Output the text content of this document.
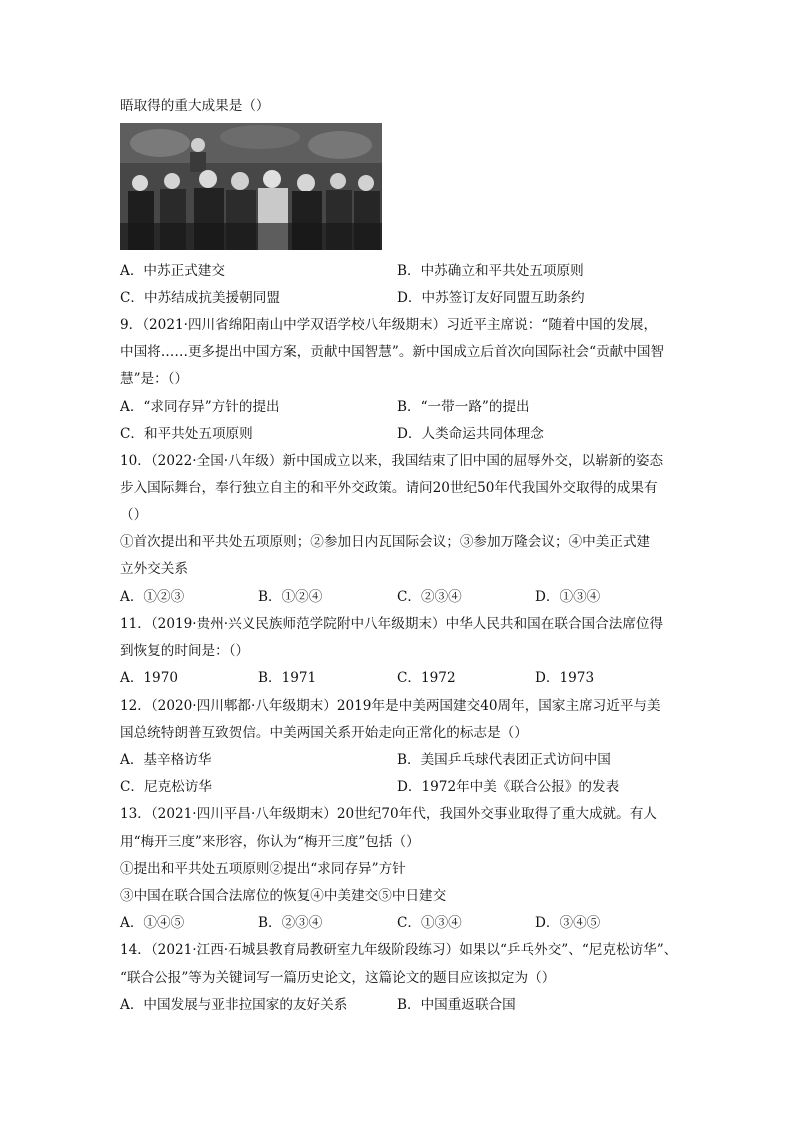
晤取得的重大成果是（）
A．中苏正式建交	B．中苏确立和平共处五项原则
C．中苏结成抗美援朝同盟	D．中苏签订友好同盟互助条约
9．（2021·四川省绵阳南山中学双语学校八年级期末）习近平主席说：“随着中国的发展，
中国将……更多提出中国方案，贡献中国智慧”。新中国成立后首次向国际社会“贡献中国智
慧”是：（）
A．“求同存异”方针的提出	B．“一带一路”的提出
C．和平共处五项原则	D．人类命运共同体理念
10．（2022·全国·八年级）新中国成立以来，我国结束了旧中国的屈辱外交，以崭新的姿态
步入国际舞台，奉行独立自主的和平外交政策。请问20世纪50年代我国外交取得的成果有
（）
①首次提出和平共处五项原则；②参加日内瓦国际会议；③参加万隆会议；④中美正式建
立外交关系
A．①②③	B．①②④	C．②③④	D．①③④
11．（2019·贵州·兴义民族师范学院附中八年级期末）中华人民共和国在联合国合法席位得
到恢复的时间是：（）
A．1970	B．1971	C．1972	D．1973
12．（2020·四川郫都·八年级期末）2019年是中美两国建交40周年，国家主席习近平与美
国总统特朗普互致贺信。中美两国关系开始走向正常化的标志是（）
A．基辛格访华	B．美国乒乓球代表团正式访问中国
C．尼克松访华	D．1972年中美《联合公报》的发表
13．（2021·四川平昌·八年级期末）20世纪70年代，我国外交事业取得了重大成就。有人
用“梅开三度”来形容，你认为“梅开三度”包括（）
①提出和平共处五项原则②提出“求同存异”方针
③中国在联合国合法席位的恢复④中美建交⑤中日建交
A．①④⑤	B．②③④	C．①③④	D．③④⑤
14．（2021·江西·石城县教育局教研室九年级阶段练习）如果以“乒乓外交”、“尼克松访华”、
“联合公报”等为关键词写一篇历史论文，这篇论文的题目应该拟定为（）
A．中国发展与亚非拉国家的友好关系	B．中国重返联合国
